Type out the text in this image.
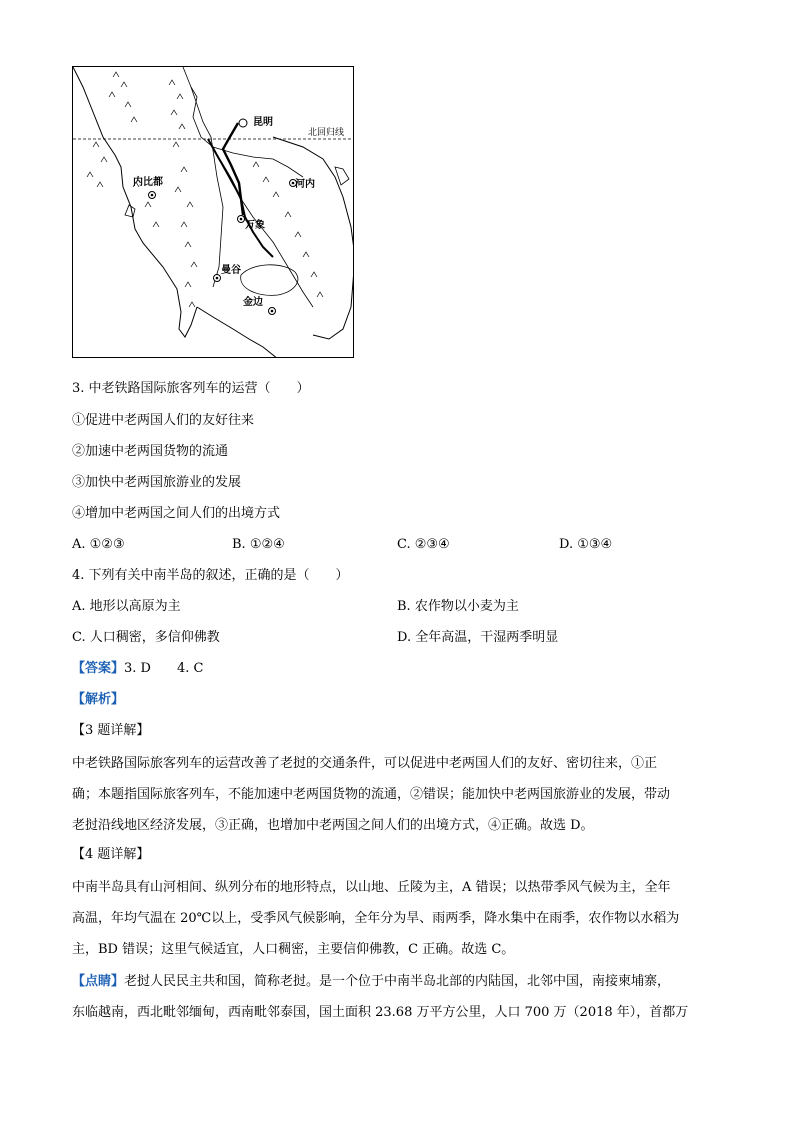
昆明
北回归线
内比都	河内
万象
曼谷
金边
3. 中老铁路国际旅客列车的运营（　　）
①促进中老两国人们的友好往来
②加速中老两国货物的流通
③加快中老两国旅游业的发展
④增加中老两国之间人们的出境方式
A. ①②③	B. ①②④	C. ②③④	D. ①③④
4. 下列有关中南半岛的叙述，正确的是（　　）
A. 地形以高原为主	B. 农作物以小麦为主
C. 人口稠密，多信仰佛教	D. 全年高温，干湿两季明显
【答案】3. D　　4. C
【解析】
【3 题详解】
中老铁路国际旅客列车的运营改善了老挝的交通条件，可以促进中老两国人们的友好、密切往来，①正
确；本题指国际旅客列车，不能加速中老两国货物的流通，②错误；能加快中老两国旅游业的发展，带动
老挝沿线地区经济发展，③正确，也增加中老两国之间人们的出境方式，④正确。故选 D。
【4 题详解】
中南半岛具有山河相间、纵列分布的地形特点，以山地、丘陵为主，A 错误；以热带季风气候为主，全年
高温，年均气温在 20℃以上，受季风气候影响，全年分为旱、雨两季，降水集中在雨季，农作物以水稻为
主，BD 错误；这里气候适宜，人口稠密，主要信仰佛教，C 正确。故选 C。
【点睛】老挝人民民主共和国，简称老挝。是一个位于中南半岛北部的内陆国，北邻中国，南接柬埔寨，
东临越南，西北毗邻缅甸，西南毗邻泰国，国土面积 23.68 万平方公里，人口 700 万（2018 年），首都万
